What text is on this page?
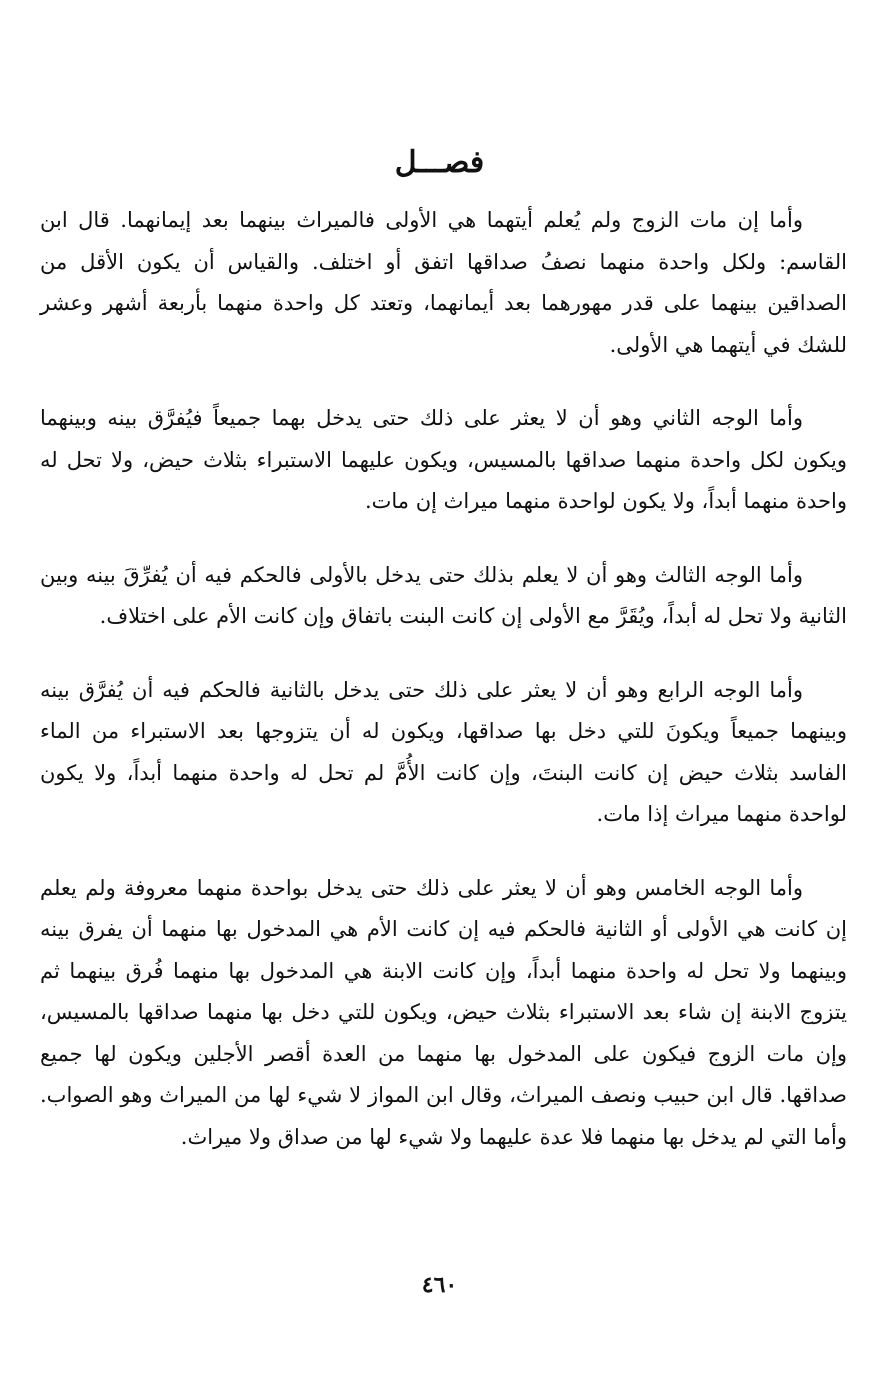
فصـــل

وأما إن مات الزوج ولم يُعلم أيتهما هي الأولى فالميراث بينهما بعد إيمانهما. قال ابن القاسم: ولكل واحدة منهما نصفُ صداقها اتفق أو اختلف. والقياس أن يكون الأقل من الصداقين بينهما على قدر مهورهما بعد أيمانهما، وتعتد كل واحدة منهما بأربعة أشهر وعشر للشك في أيتهما هي الأولى.

وأما الوجه الثاني وهو أن لا يعثر على ذلك حتى يدخل بهما جميعاً فيُفرَّق بينه وبينهما ويكون لكل واحدة منهما صداقها بالمسيس، ويكون عليهما الاستبراء بثلاث حيض، ولا تحل له واحدة منهما أبداً، ولا يكون لواحدة منهما ميراث إن مات.

وأما الوجه الثالث وهو أن لا يعلم بذلك حتى يدخل بالأولى فالحكم فيه أن يُفرِّقَ بينه وبين الثانية ولا تحل له أبداً، ويُقَرَّ مع الأولى إن كانت البنت باتفاق وإن كانت الأم على اختلاف.

وأما الوجه الرابع وهو أن لا يعثر على ذلك حتى يدخل بالثانية فالحكم فيه أن يُفرَّق بينه وبينهما جميعاً ويكونَ للتي دخل بها صداقها، ويكون له أن يتزوجها بعد الاستبراء من الماء الفاسد بثلاث حيض إن كانت البنتَ، وإن كانت الأُمَّ لم تحل له واحدة منهما أبداً، ولا يكون لواحدة منهما ميراث إذا مات.

وأما الوجه الخامس وهو أن لا يعثر على ذلك حتى يدخل بواحدة منهما معروفة ولم يعلم إن كانت هي الأولى أو الثانية فالحكم فيه إن كانت الأم هي المدخول بها منهما أن يفرق بينه وبينهما ولا تحل له واحدة منهما أبداً، وإن كانت الابنة هي المدخول بها منهما فُرق بينهما ثم يتزوج الابنة إن شاء بعد الاستبراء بثلاث حيض، ويكون للتي دخل بها منهما صداقها بالمسيس، وإن مات الزوج فيكون على المدخول بها منهما من العدة أقصر الأجلين ويكون لها جميع صداقها. قال ابن حبيب ونصف الميراث، وقال ابن المواز لا شيء لها من الميراث وهو الصواب. وأما التي لم يدخل بها منهما فلا عدة عليهما ولا شيء لها من صداق ولا ميراث.

٤٦٠
